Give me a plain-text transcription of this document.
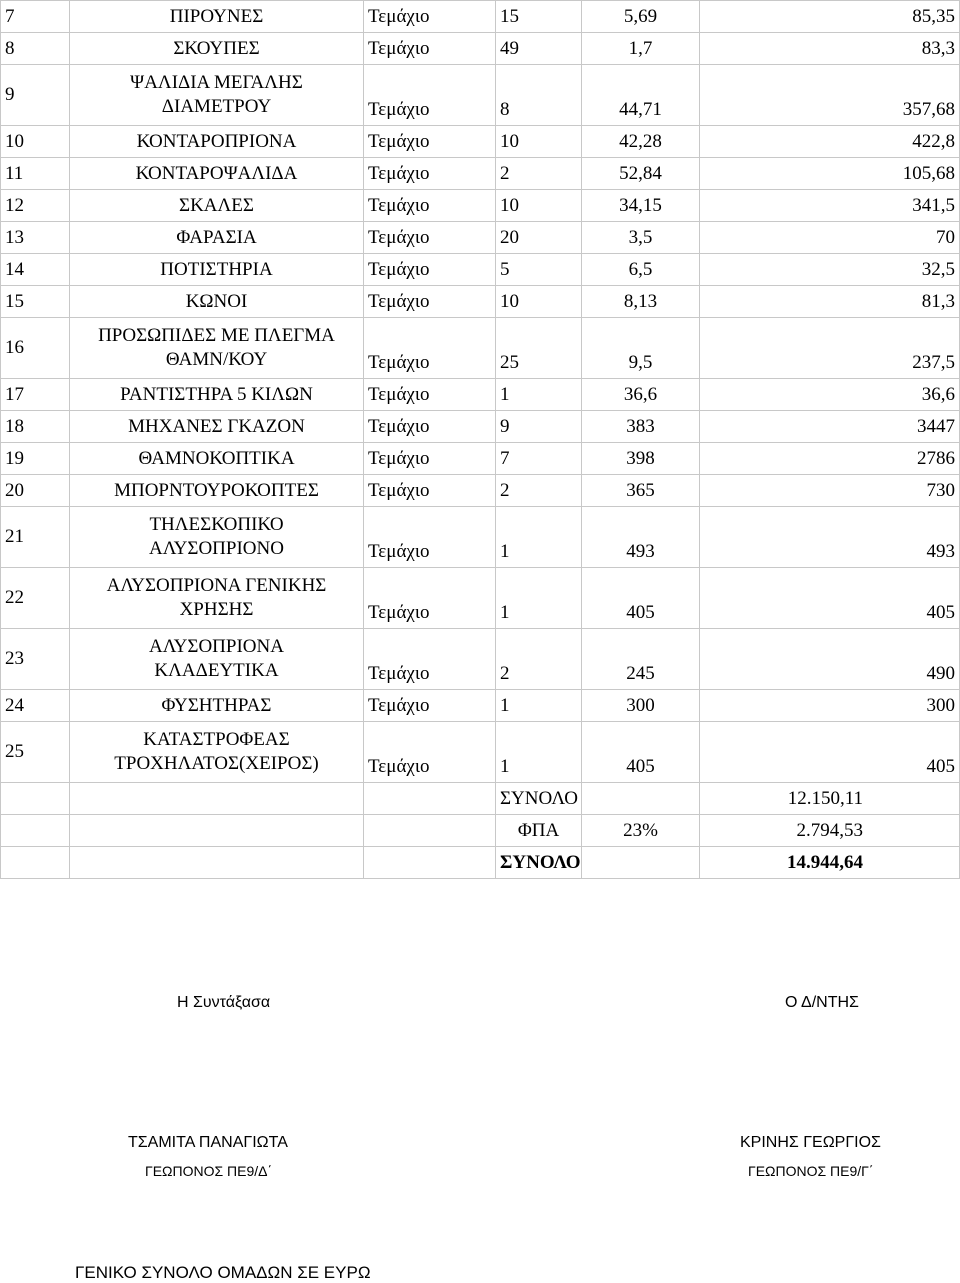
7	ΠΙΡΟΥΝΕΣ	Τεμάχιο	15	5,69	85,35
8	ΣΚΟΥΠΕΣ	Τεμάχιο	49	1,7	83,3
9	ΨΑΛΙΔΙΑ ΜΕΓΑΛΗΣ
ΔΙΑΜΕΤΡΟΥ	Τεμάχιο	8	44,71	357,68
10	ΚΟΝΤΑΡΟΠΡΙΟΝΑ	Τεμάχιο	10	42,28	422,8
11	ΚΟΝΤΑΡΟΨΑΛΙΔΑ	Τεμάχιο	2	52,84	105,68
12	ΣΚΑΛΕΣ	Τεμάχιο	10	34,15	341,5
13	ΦΑΡΑΣΙΑ	Τεμάχιο	20	3,5	70
14	ΠΟΤΙΣΤΗΡΙΑ	Τεμάχιο	5	6,5	32,5
15	ΚΩΝΟΙ	Τεμάχιο	10	8,13	81,3
16	ΠΡΟΣΩΠΙΔΕΣ ΜΕ ΠΛΕΓΜΑ
ΘΑΜΝ/ΚΟΥ	Τεμάχιο	25	9,5	237,5
17	ΡΑΝΤΙΣΤΗΡΑ 5 ΚΙΛΩΝ	Τεμάχιο	1	36,6	36,6
18	ΜΗΧΑΝΕΣ ΓΚΑΖΟΝ	Τεμάχιο	9	383	3447
19	ΘΑΜΝΟΚΟΠΤΙΚΑ	Τεμάχιο	7	398	2786
20	ΜΠΟΡΝΤΟΥΡΟΚΟΠΤΕΣ	Τεμάχιο	2	365	730
21	ΤΗΛΕΣΚΟΠΙΚΟ
ΑΛΥΣΟΠΡΙΟΝΟ	Τεμάχιο	1	493	493
22	ΑΛΥΣΟΠΡΙΟΝΑ ΓΕΝΙΚΗΣ
ΧΡΗΣΗΣ	Τεμάχιο	1	405	405
23	ΑΛΥΣΟΠΡΙΟΝΑ
ΚΛΑΔΕΥΤΙΚΑ	Τεμάχιο	2	245	490
24	ΦΥΣΗΤΗΡΑΣ	Τεμάχιο	1	300	300
25	ΚΑΤΑΣΤΡΟΦΕΑΣ
ΤΡΟΧΗΛΑΤΟΣ(ΧΕΙΡΟΣ)	Τεμάχιο	1	405	405
			ΣΥΝΟΛΟ		12.150,11
			ΦΠΑ	23%	2.794,53
			ΣΥΝΟΛΟ		14.944,64
Η Συντάξασα	Ο Δ/ΝΤΗΣ
ΤΣΑΜΙΤΑ ΠΑΝΑΓΙΩΤΑ	ΚΡΙΝΗΣ ΓΕΩΡΓΙΟΣ
ΓΕΩΠΟΝΟΣ ΠΕ9/Δ΄	ΓΕΩΠΟΝΟΣ ΠΕ9/Γ΄
ΓΕΝΙΚΟ ΣΥΝΟΛΟ ΟΜΑΔΩΝ ΣΕ ΕΥΡΩ
